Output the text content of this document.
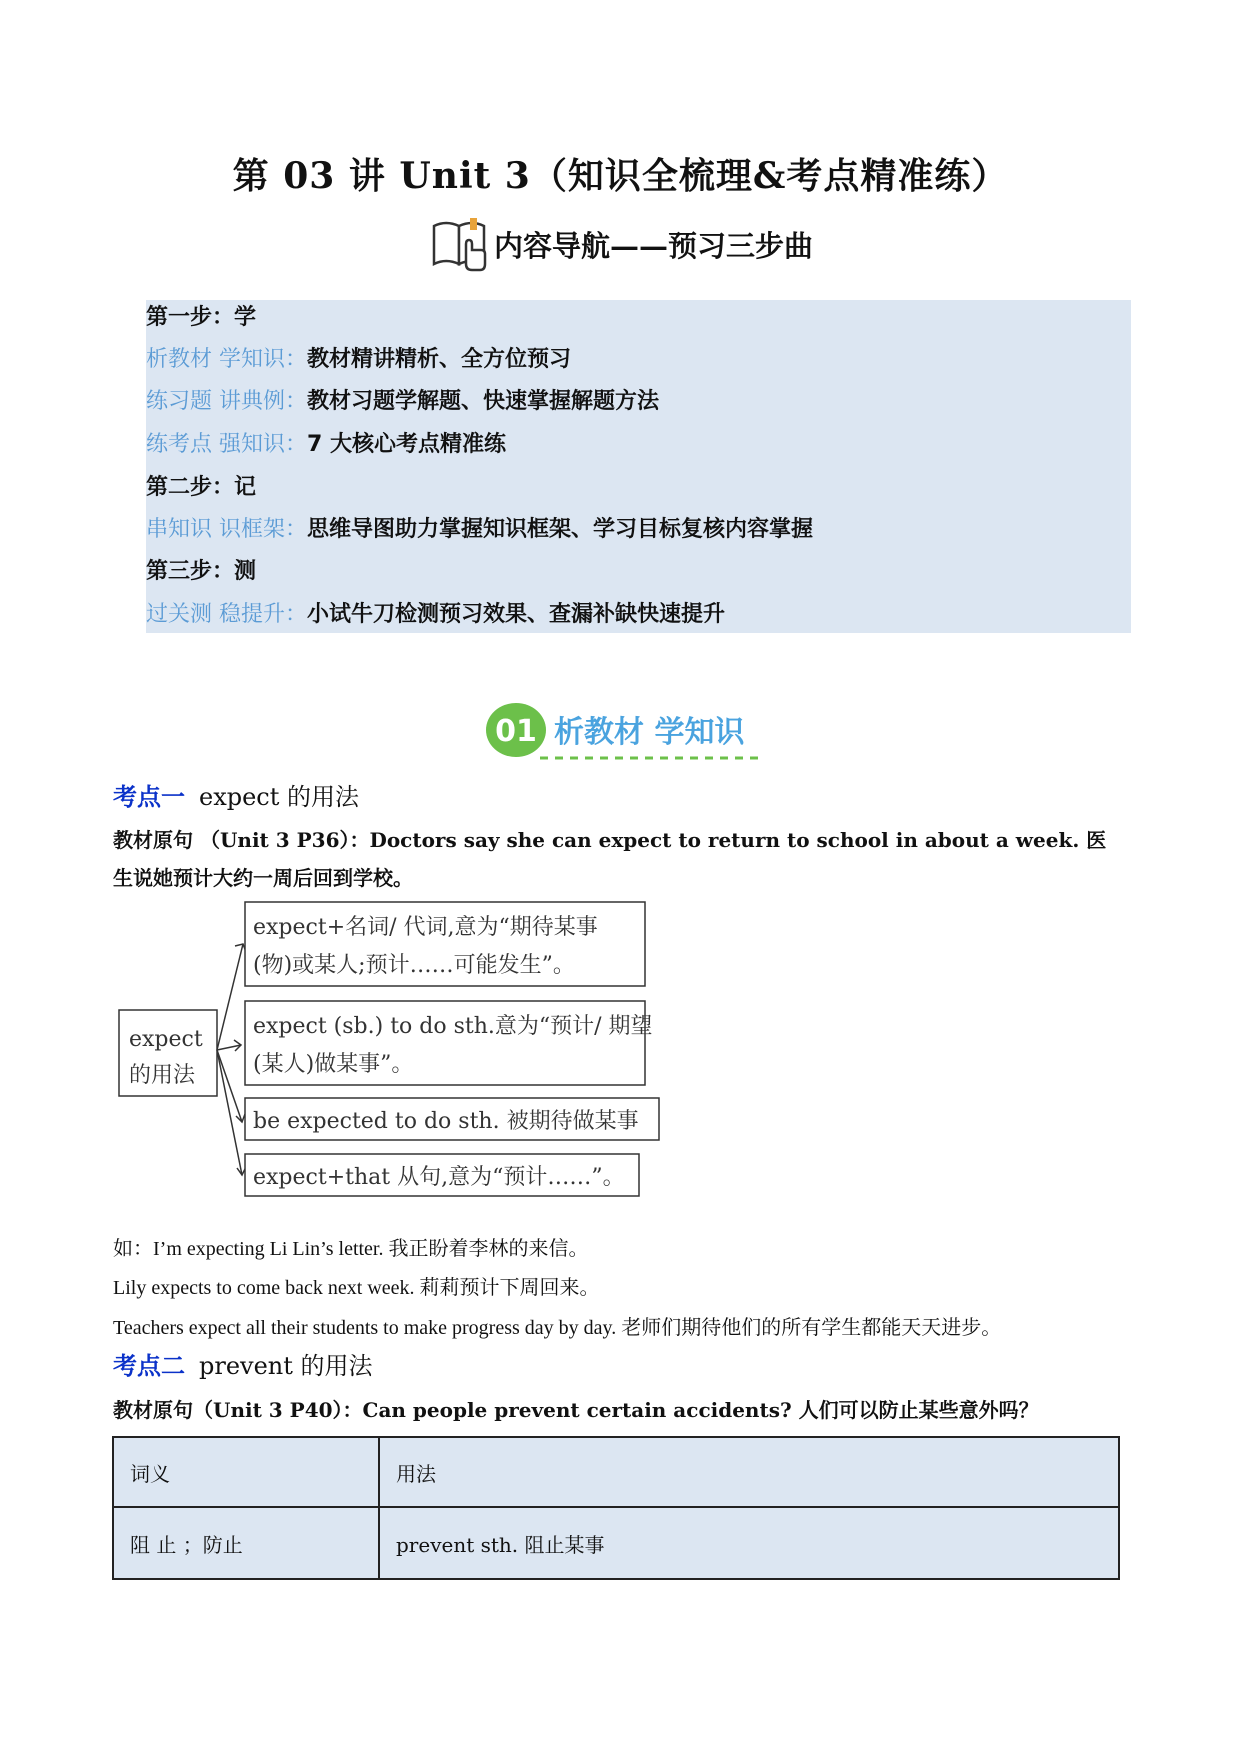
第 03 讲 Unit 3（知识全梳理&考点精准练）
内容导航——预习三步曲
第一步：学
析教材 学知识：教材精讲精析、全方位预习
练习题 讲典例：教材习题学解题、快速掌握解题方法
练考点 强知识：7 大核心考点精准练
第二步：记
串知识 识框架：思维导图助力掌握知识框架、学习目标复核内容掌握
第三步：测
过关测 稳提升：小试牛刀检测预习效果、查漏补缺快速提升
01 析教材 学知识
考点一 expect 的用法
教材原句 （Unit 3 P36）：Doctors say she can expect to return to school in about a week. 医生说她预计大约一周后回到学校。
expect
的用法
expect+名词/ 代词,意为“期待某事
(物)或某人;预计……可能发生”。
expect (sb.) to do sth.意为“预计/ 期望
(某人)做某事”。
be expected to do sth. 被期待做某事
expect+that 从句,意为“预计……”。
如：I’m expecting Li Lin’s letter. 我正盼着李林的来信。
Lily expects to come back next week. 莉莉预计下周回来。
Teachers expect all their students to make progress day by day. 老师们期待他们的所有学生都能天天进步。
考点二 prevent 的用法
教材原句（Unit 3 P40）：Can people prevent certain accidents? 人们可以防止某些意外吗？
词义	用法
阻 止 ；防止	prevent sth. 阻止某事
